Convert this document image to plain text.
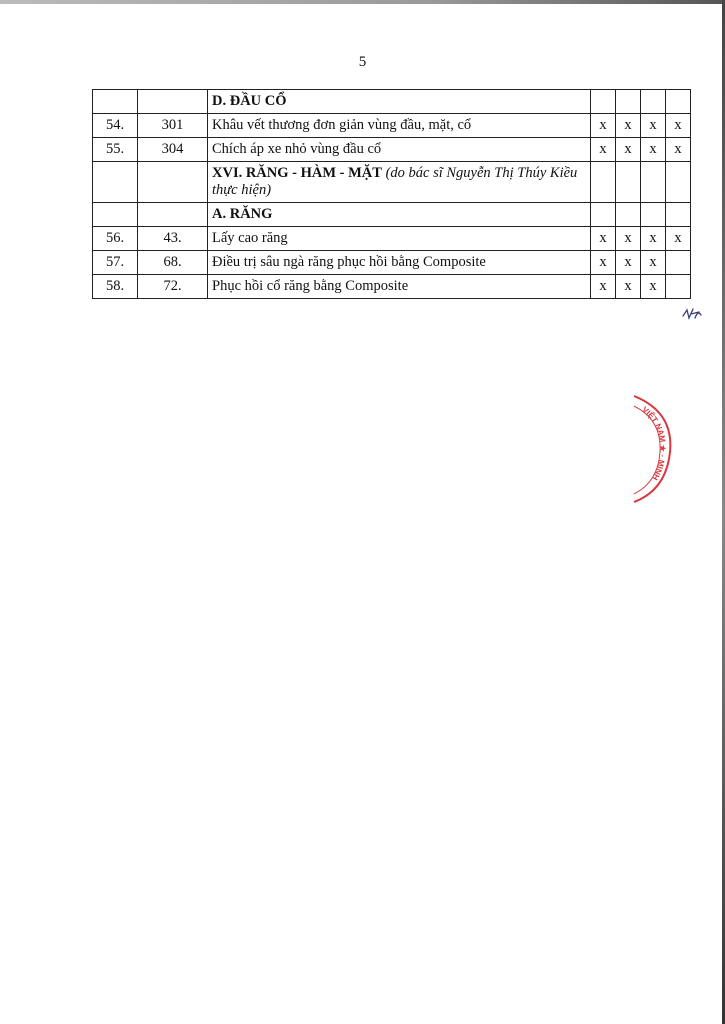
5
		D. ĐẦU CỔ				
54.	301	Khâu vết thương đơn giản vùng đầu, mặt, cổ	x	x	x	x
55.	304	Chích áp xe nhỏ vùng đầu cổ	x	x	x	x
		XVI. RĂNG - HÀM - MẶT (do bác sĩ Nguyễn Thị Thúy Kiều thực hiện)				
		A. RĂNG				
56.	43.	Lấy cao răng	x	x	x	x
57.	68.	Điều trị sâu ngà răng phục hồi bằng Composite	x	x	x	
58.	72.	Phục hồi cổ răng bằng Composite	x	x	x	
VIỆT NAM ★ · MINH
